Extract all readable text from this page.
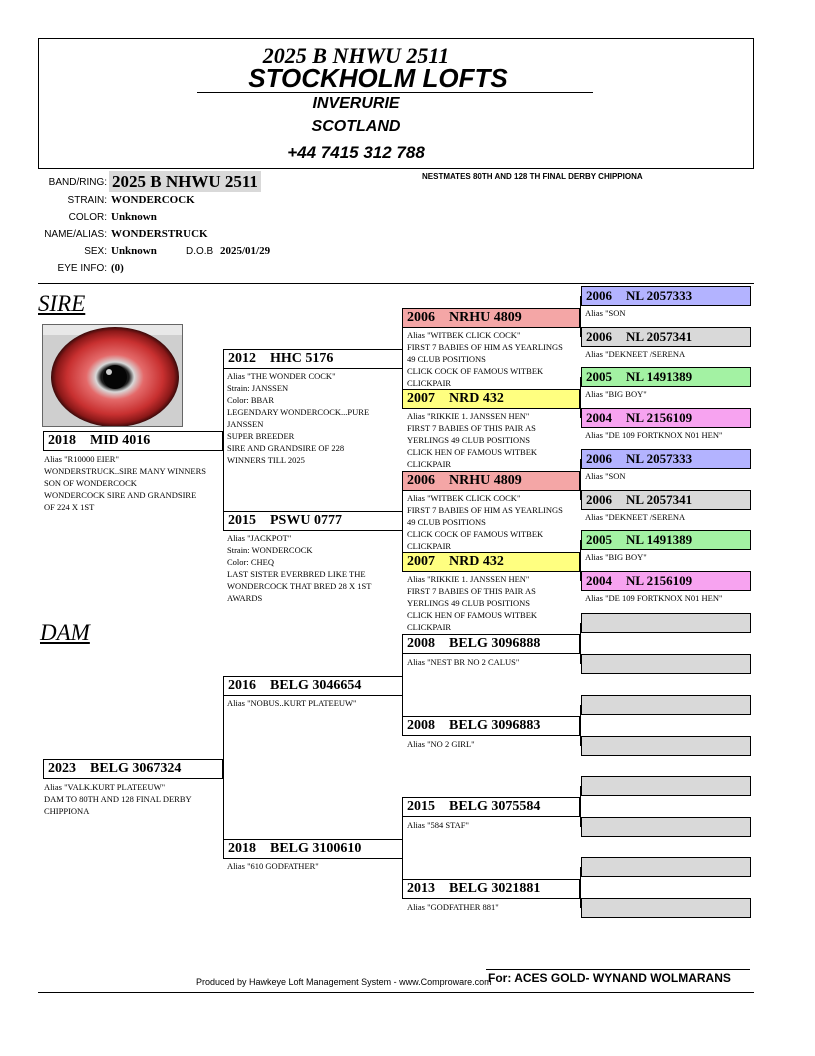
2025 B NHWU 2511
STOCKHOLM LOFTS
INVERURIE
SCOTLAND
+44 7415 312 788
BAND/RING: 2025 B NHWU 2511
STRAIN: WONDERCOCK
COLOR: Unknown
NAME/ALIAS: WONDERSTRUCK
SEX: Unknown	D.O.B 2025/01/29
EYE INFO: (0)
NESTMATES 80TH AND 128 TH FINAL DERBY CHIPPIONA
SIRE
DAM
2018 MID 4016
Alias "R10000 EIER"
WONDERSTRUCK..SIRE MANY WINNERS
SON OF WONDERCOCK
WONDERCOCK SIRE AND GRANDSIRE
OF 224 X 1ST
2023 BELG 3067324
Alias "VALK.KURT PLATEEUW"
DAM TO 80TH AND 128 FINAL DERBY
CHIPPIONA
2012 HHC 5176
Alias "THE WONDER COCK"
Strain: JANSSEN
Color: BBAR
LEGENDARY WONDERCOCK...PURE
JANSSEN
SUPER BREEDER
SIRE AND GRANDSIRE OF 228
WINNERS TILL 2025
2015 PSWU 0777
Alias "JACKPOT"
Strain: WONDERCOCK
Color: CHEQ
LAST SISTER EVERBRED LIKE THE
WONDERCOCK THAT BRED 28 X 1ST
AWARDS
2016 BELG 3046654
Alias "NOBUS..KURT PLATEEUW"
2018 BELG 3100610
Alias "610 GODFATHER"
2006 NRHU 4809
Alias "WITBEK CLICK COCK"
FIRST 7 BABIES OF HIM AS YEARLINGS
49 CLUB POSITIONS
CLICK COCK OF FAMOUS WITBEK
CLICKPAIR
2007 NRD 432
Alias "RIKKIE 1. JANSSEN HEN"
FIRST 7 BABIES OF THIS PAIR AS
YERLINGS 49 CLUB POSITIONS
CLICK HEN OF FAMOUS WITBEK
CLICKPAIR
2006 NRHU 4809
Alias "WITBEK CLICK COCK"
FIRST 7 BABIES OF HIM AS YEARLINGS
49 CLUB POSITIONS
CLICK COCK OF FAMOUS WITBEK
CLICKPAIR
2007 NRD 432
Alias "RIKKIE 1. JANSSEN HEN"
FIRST 7 BABIES OF THIS PAIR AS
YERLINGS 49 CLUB POSITIONS
CLICK HEN OF FAMOUS WITBEK
CLICKPAIR
2008 BELG 3096888
Alias "NEST BR NO 2 CALUS"
2008 BELG 3096883
Alias "NO 2 GIRL"
2015 BELG 3075584
Alias "584 STAF"
2013 BELG 3021881
Alias "GODFATHER 881"
2006 NL 2057333
Alias "SON
2006 NL 2057341
Alias "DEKNEET /SERENA
2005 NL 1491389
Alias "BIG BOY"
2004 NL 2156109
Alias "DE 109 FORTKNOX N01 HEN"
2006 NL 2057333
Alias "SON
2006 NL 2057341
Alias "DEKNEET /SERENA
2005 NL 1491389
Alias "BIG BOY"
2004 NL 2156109
Alias "DE 109 FORTKNOX N01 HEN"
Produced by Hawkeye Loft Management System - www.Comproware.com
For: ACES GOLD- WYNAND WOLMARANS
